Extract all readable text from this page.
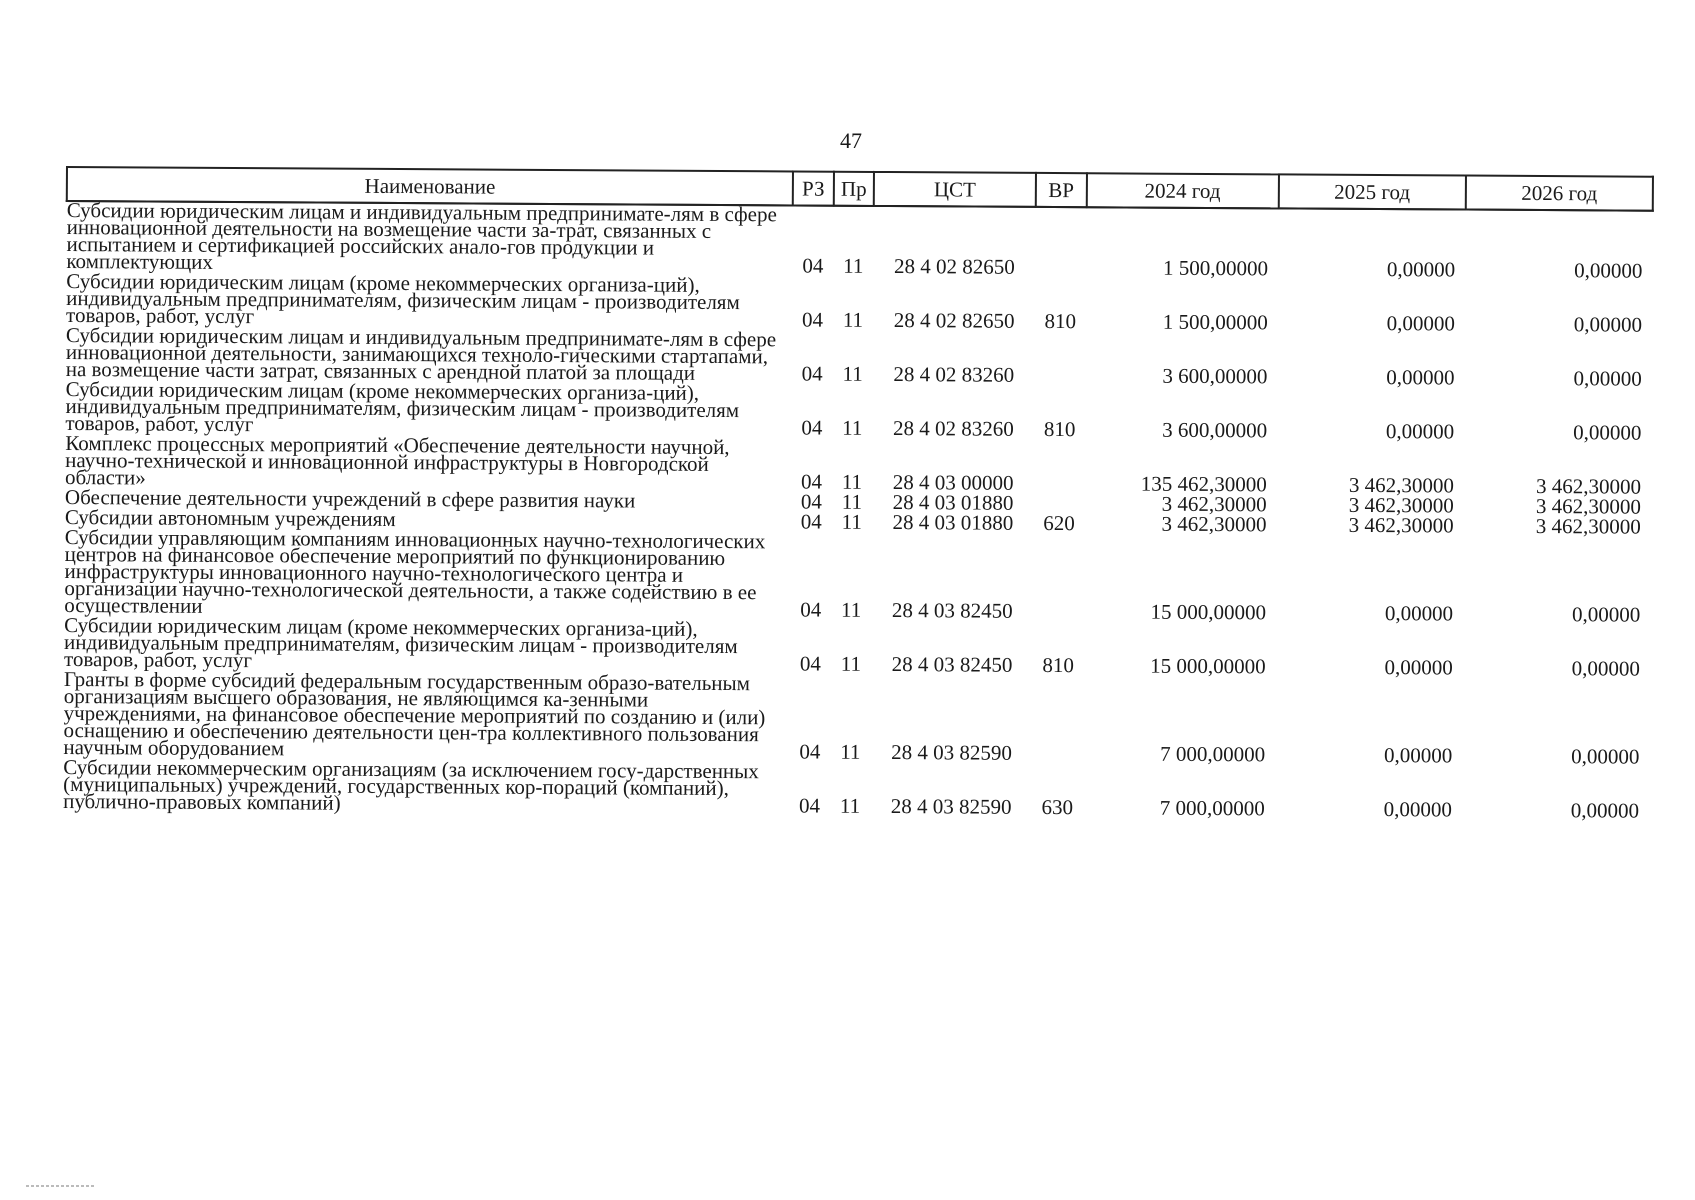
47
Наименование	РЗ	Пр	ЦСТ	ВР	2024 год	2025 год	2026 год
Субсидии юридическим лицам и индивидуальным предпринимате-лям в сфере инновационной деятельности на возмещение части за-трат, связанных с испытанием и сертификацией российских анало-гов продукции и комплектующих	04	11	28 4 02 82650		1 500,00000	0,00000	0,00000
Субсидии юридическим лицам (кроме некоммерческих организа-ций), индивидуальным предпринимателям, физическим лицам - производителям товаров, работ, услуг	04	11	28 4 02 82650	810	1 500,00000	0,00000	0,00000
Субсидии юридическим лицам и индивидуальным предпринимате-лям в сфере инновационной деятельности, занимающихся техноло-гическими стартапами, на возмещение части затрат, связанных с арендной платой за площади	04	11	28 4 02 83260		3 600,00000	0,00000	0,00000
Субсидии юридическим лицам (кроме некоммерческих организа-ций), индивидуальным предпринимателям, физическим лицам - производителям товаров, работ, услуг	04	11	28 4 02 83260	810	3 600,00000	0,00000	0,00000
Комплекс процессных мероприятий «Обеспечение деятельности научной, научно-технической и инновационной инфраструктуры в Новгородской области»	04	11	28 4 03 00000		135 462,30000	3 462,30000	3 462,30000
Обеспечение деятельности учреждений в сфере развития науки	04	11	28 4 03 01880		3 462,30000	3 462,30000	3 462,30000
Субсидии автономным учреждениям	04	11	28 4 03 01880	620	3 462,30000	3 462,30000	3 462,30000
Субсидии управляющим компаниям инновационных научно-технологических центров на финансовое обеспечение мероприятий по функционированию инфраструктуры инновационного научно-технологического центра и организации научно-технологической деятельности, а также содействию в ее осуществлении	04	11	28 4 03 82450		15 000,00000	0,00000	0,00000
Субсидии юридическим лицам (кроме некоммерческих организа-ций), индивидуальным предпринимателям, физическим лицам - производителям товаров, работ, услуг	04	11	28 4 03 82450	810	15 000,00000	0,00000	0,00000
Гранты в форме субсидий федеральным государственным образо-вательным организациям высшего образования, не являющимся ка-зенными учреждениями, на финансовое обеспечение мероприятий по созданию и (или) оснащению и обеспечению деятельности цен-тра коллективного пользования научным оборудованием	04	11	28 4 03 82590		7 000,00000	0,00000	0,00000
Субсидии некоммерческим организациям (за исключением госу-дарственных (муниципальных) учреждений, государственных кор-пораций (компаний), публично-правовых компаний)	04	11	28 4 03 82590	630	7 000,00000	0,00000	0,00000
